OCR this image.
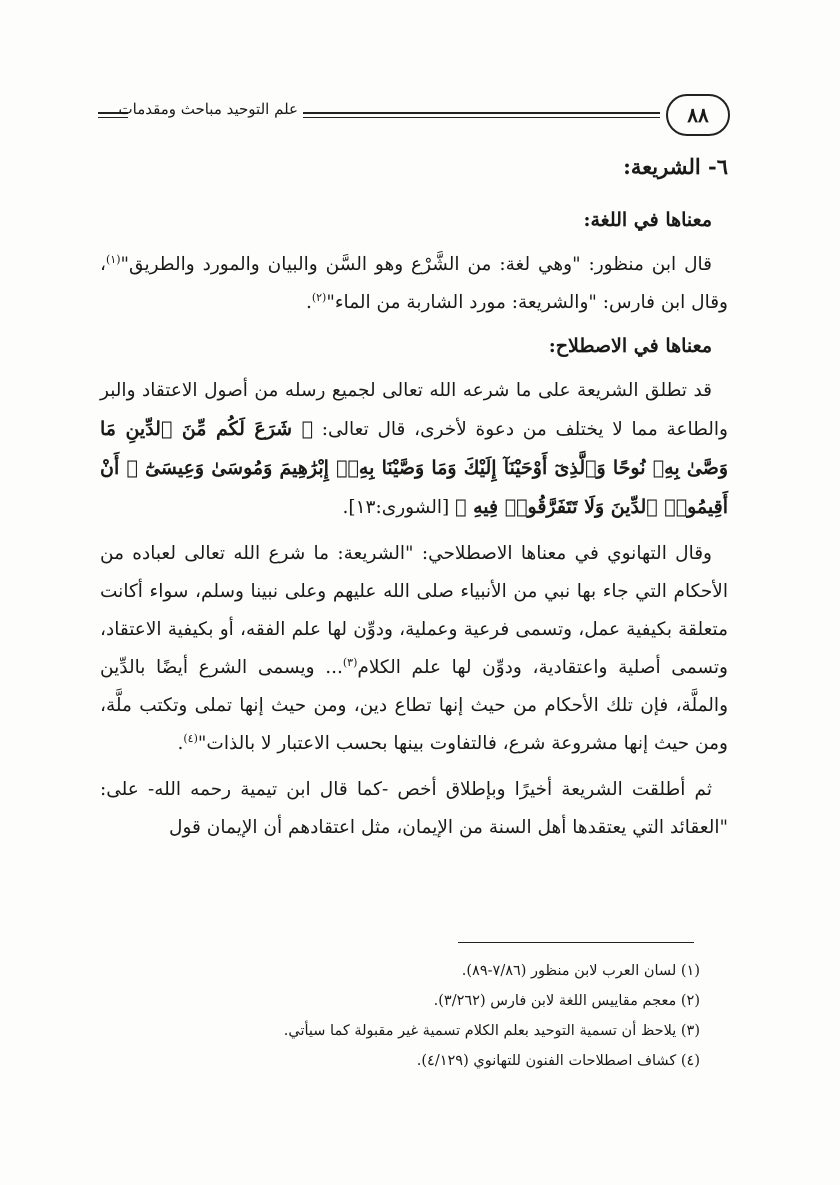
علم التوحيد مباحث ومقدمات	٨٨
٦- الشريعة:
معناها في اللغة:

قال ابن منظور: "وهي لغة: من الشَّرْع وهو السَّن والبيان والمورد والطريق"$^{(١)}$، وقال ابن فارس: "والشريعة: مورد الشاربة من الماء"$^{(٢)}$.

معناها في الاصطلاح:

قد تطلق الشريعة على ما شرعه الله تعالى لجميع رسله من أصول الاعتقاد والبر والطاعة مما لا يختلف من دعوة لأخرى، قال تعالى: ﴿ شَرَعَ لَكُم مِّنَ ٱلدِّينِ مَا وَصَّىٰ بِهِۦ نُوحًا وَٱلَّذِىٓ أَوْحَيْنَآ إِلَيْكَ وَمَا وَصَّيْنَا بِهِۦٓ إِبْرَٰهِيمَ وَمُوسَىٰ وَعِيسَىٰٓ ۖ أَنْ أَقِيمُوا۟ ٱلدِّينَ وَلَا تَتَفَرَّقُوا۟ فِيهِ ﴾ [الشورى:١٣].

وقال التهانوي في معناها الاصطلاحي: "الشريعة: ما شرع الله تعالى لعباده من الأحكام التي جاء بها نبي من الأنبياء صلى الله عليهم وعلى نبينا وسلم، سواء أكانت متعلقة بكيفية عمل، وتسمى فرعية وعملية، ودوِّن لها علم الفقه، أو بكيفية الاعتقاد، وتسمى أصلية واعتقادية، ودوِّن لها علم الكلام$^{(٣)}$... ويسمى الشرع أيضًا بالدِّين والملَّة، فإن تلك الأحكام من حيث إنها تطاع دين، ومن حيث إنها تملى وتكتب ملَّة، ومن حيث إنها مشروعة شرع، فالتفاوت بينها بحسب الاعتبار لا بالذات"$^{(٤)}$.

ثم أطلقت الشريعة أخيرًا وبإطلاق أخص -كما قال ابن تيمية رحمه الله- على: "العقائد التي يعتقدها أهل السنة من الإيمان، مثل اعتقادهم أن الإيمان قول

(١) لسان العرب لابن منظور (٧/٨٦-٨٩).
(٢) معجم مقاييس اللغة لابن فارس (٣/٢٦٢).
(٣) يلاحظ أن تسمية التوحيد بعلم الكلام تسمية غير مقبولة كما سيأتي.
(٤) كشاف اصطلاحات الفنون للتهانوي (٤/١٢٩).
